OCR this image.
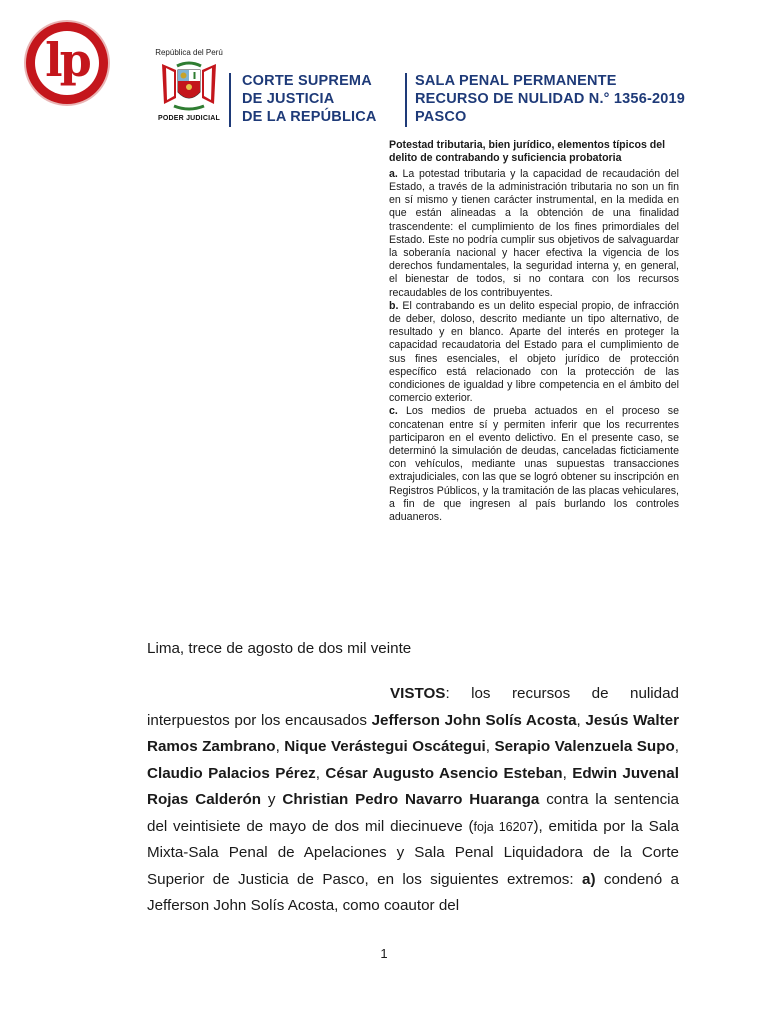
lp	República del Perú
PODER JUDICIAL
CORTE SUPREMA
DE JUSTICIA
DE LA REPÚBLICA
SALA PENAL PERMANENTE
RECURSO DE NULIDAD N.° 1356-2019
PASCO
Potestad tributaria, bien jurídico, elementos típicos del delito de contrabando y suficiencia probatoria

a. La potestad tributaria y la capacidad de recaudación del Estado, a través de la administración tributaria no son un fin en sí mismo y tienen carácter instrumental, en la medida en que están alineadas a la obtención de una finalidad trascendente: el cumplimiento de los fines primordiales del Estado. Este no podría cumplir sus objetivos de salvaguardar la soberanía nacional y hacer efectiva la vigencia de los derechos fundamentales, la seguridad interna y, en general, el bienestar de todos, si no contara con los recursos recaudables de los contribuyentes.

b. El contrabando es un delito especial propio, de infracción de deber, doloso, descrito mediante un tipo alternativo, de resultado y en blanco. Aparte del interés en proteger la capacidad recaudatoria del Estado para el cumplimiento de sus fines esenciales, el objeto jurídico de protección específico está relacionado con la protección de las condiciones de igualdad y libre competencia en el ámbito del comercio exterior.

c. Los medios de prueba actuados en el proceso se concatenan entre sí y permiten inferir que los recurrentes participaron en el evento delictivo. En el presente caso, se determinó la simulación de deudas, canceladas ficticiamente con vehículos, mediante unas supuestas transacciones extrajudiciales, con las que se logró obtener su inscripción en Registros Públicos, y la tramitación de las placas vehiculares, a fin de que ingresen al país burlando los controles aduaneros.

Lima, trece de agosto de dos mil veinte

VISTOS: los recursos de nulidad interpuestos por los encausados Jefferson John Solís Acosta, Jesús Walter Ramos Zambrano, Nique Verástegui Oscátegui, Serapio Valenzuela Supo, Claudio Palacios Pérez, César Augusto Asencio Esteban, Edwin Juvenal Rojas Calderón y Christian Pedro Navarro Huaranga contra la sentencia del veintisiete de mayo de dos mil diecinueve (foja 16207), emitida por la Sala Mixta-Sala Penal de Apelaciones y Sala Penal Liquidadora de la Corte Superior de Justicia de Pasco, en los siguientes extremos: a) condenó a Jefferson John Solís Acosta, como coautor del

1
